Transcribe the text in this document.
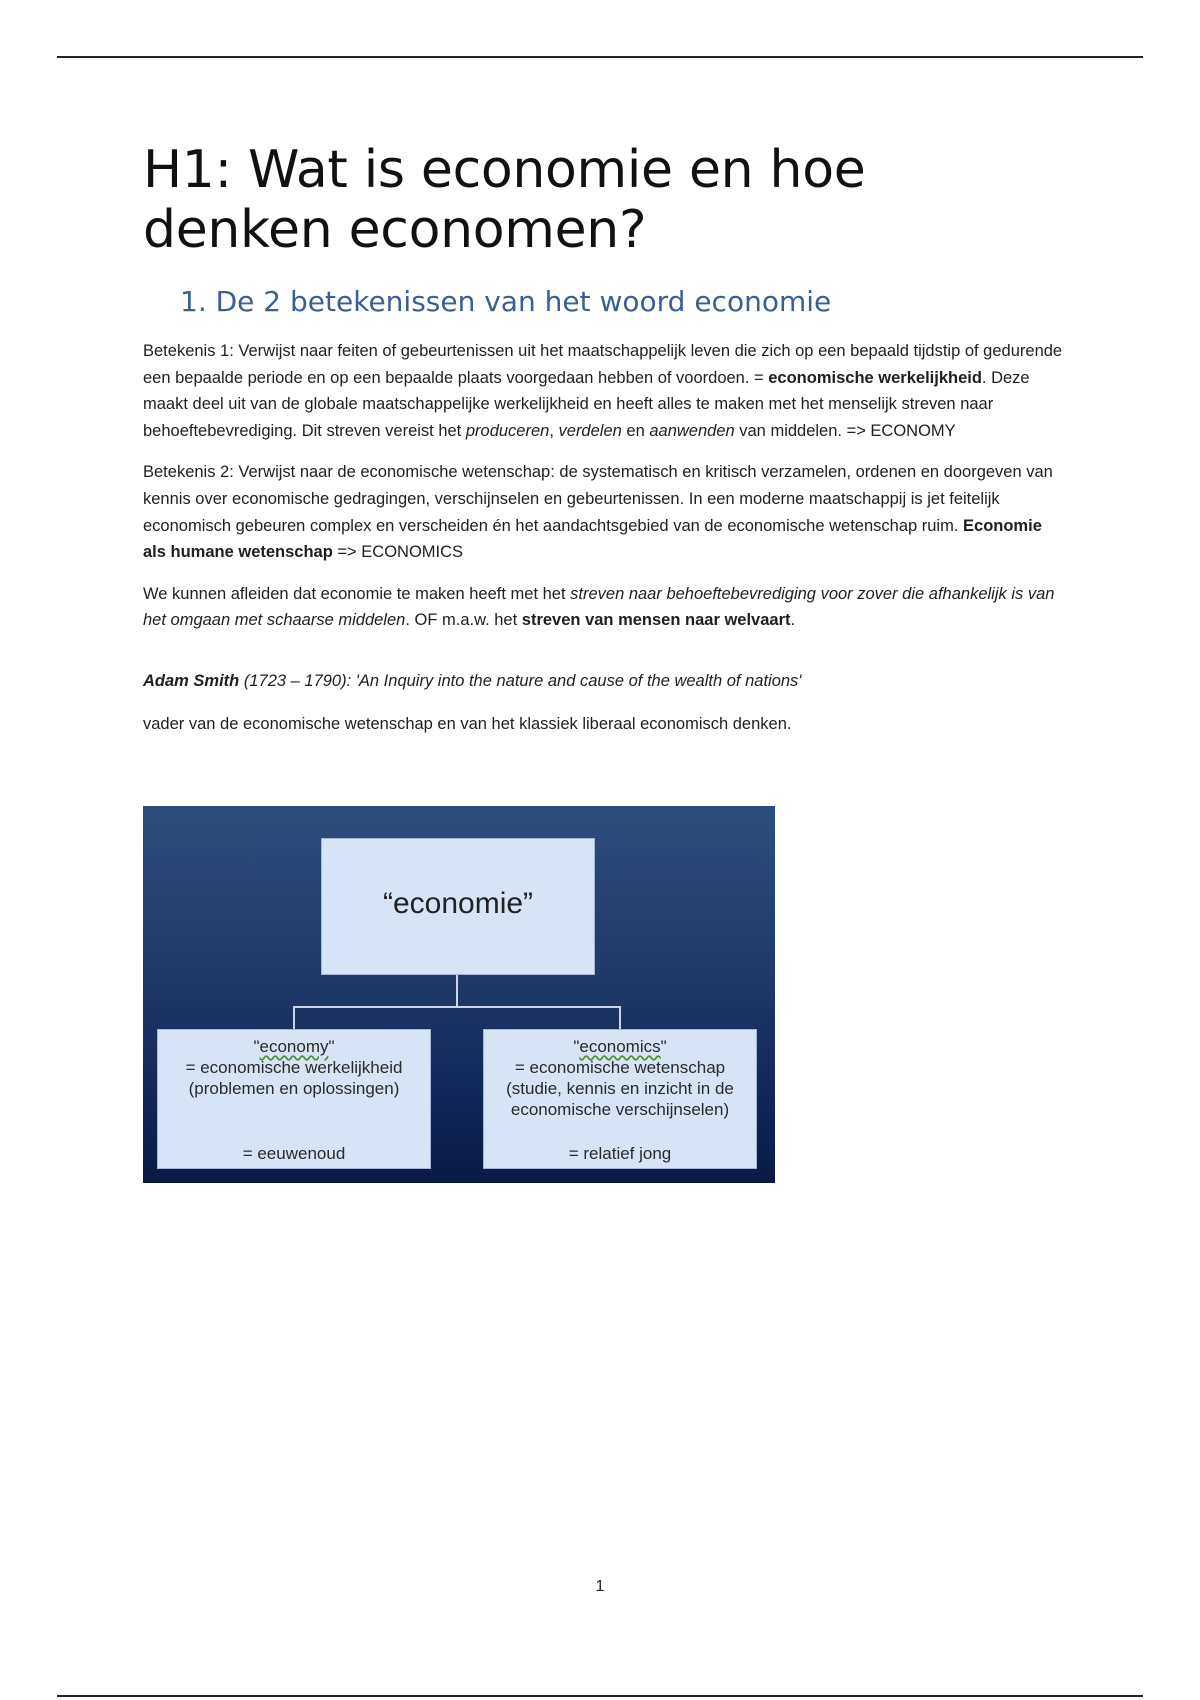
H1: Wat is economie en hoe denken economen?
1. De 2 betekenissen van het woord economie

Betekenis 1: Verwijst naar feiten of gebeurtenissen uit het maatschappelijk leven die zich op een bepaald tijdstip of gedurende een bepaalde periode en op een bepaalde plaats voorgedaan hebben of voordoen. = economische werkelijkheid. Deze maakt deel uit van de globale maatschappelijke werkelijkheid en heeft alles te maken met het menselijk streven naar behoeftebevrediging. Dit streven vereist het produceren, verdelen en aanwenden van middelen. => ECONOMY

Betekenis 2: Verwijst naar de economische wetenschap: de systematisch en kritisch verzamelen, ordenen en doorgeven van kennis over economische gedragingen, verschijnselen en gebeurtenissen. In een moderne maatschappij is jet feitelijk economisch gebeuren complex en verscheiden én het aandachtsgebied van de economische wetenschap ruim. Economie als humane wetenschap => ECONOMICS

We kunnen afleiden dat economie te maken heeft met het streven naar behoeftebevrediging voor zover die afhankelijk is van het omgaan met schaarse middelen. OF m.a.w. het streven van mensen naar welvaart.

Adam Smith (1723 – 1790): 'An Inquiry into the nature and cause of the wealth of nations'

vader van de economische wetenschap en van het klassiek liberaal economisch denken.

“economie”
"economy"
= economische werkelijkheid
(problemen en oplossingen)
= eeuwenoud
"economics"
= economische wetenschap
(studie, kennis en inzicht in de
economische verschijnselen)
= relatief jong
1
